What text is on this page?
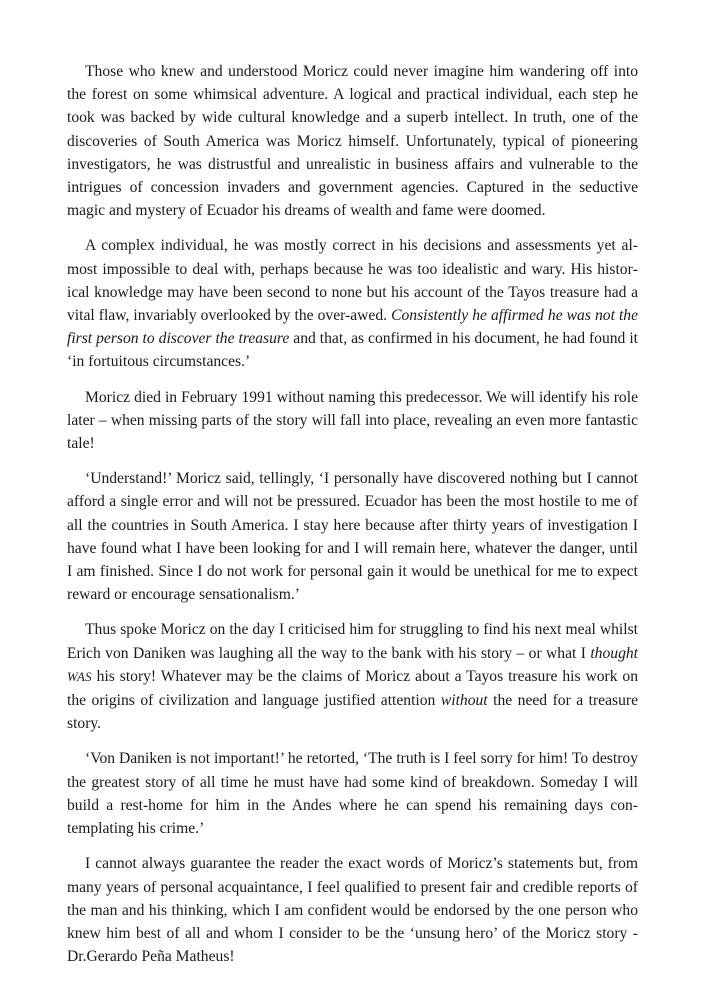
Those who knew and understood Moricz could never imagine him wandering off into the forest on some whimsical adventure. A logical and practical individual, each step he took was backed by wide cultural knowledge and a superb intellect. In truth, one of the discoveries of South America was Moricz himself. Unfortunately, typical of pioneering investigators, he was distrustful and unrealistic in business affairs and vulnerable to the intrigues of concession invaders and government agencies. Captured in the seductive magic and mystery of Ecuador his dreams of wealth and fame were doomed.

A complex individual, he was mostly correct in his decisions and assessments yet almost impossible to deal with, perhaps because he was too idealistic and wary. His historical knowledge may have been second to none but his account of the Tayos treasure had a vital flaw, invariably overlooked by the over-awed. Consistently he affirmed he was not the first person to discover the treasure and that, as confirmed in his document, he had found it ‘in fortuitous circumstances.’

Moricz died in February 1991 without naming this predecessor. We will identify his role later – when missing parts of the story will fall into place, revealing an even more fantastic tale!

‘Understand!’ Moricz said, tellingly, ‘I personally have discovered nothing but I cannot afford a single error and will not be pressured. Ecuador has been the most hostile to me of all the countries in South America. I stay here because after thirty years of investigation I have found what I have been looking for and I will remain here, whatever the danger, until I am finished. Since I do not work for personal gain it would be unethical for me to expect reward or encourage sensationalism.’

Thus spoke Moricz on the day I criticised him for struggling to find his next meal whilst Erich von Daniken was laughing all the way to the bank with his story – or what I thought WAS his story! Whatever may be the claims of Moricz about a Tayos treasure his work on the origins of civilization and language justified attention without the need for a treasure story.

‘Von Daniken is not important!’ he retorted, ‘The truth is I feel sorry for him! To destroy the greatest story of all time he must have had some kind of breakdown. Someday I will build a rest-home for him in the Andes where he can spend his remaining days contemplating his crime.’

I cannot always guarantee the reader the exact words of Moricz’s statements but, from many years of personal acquaintance, I feel qualified to present fair and credible reports of the man and his thinking, which I am confident would be endorsed by the one person who knew him best of all and whom I consider to be the ‘unsung hero’ of the Moricz story - Dr.Gerardo Peña Matheus!
